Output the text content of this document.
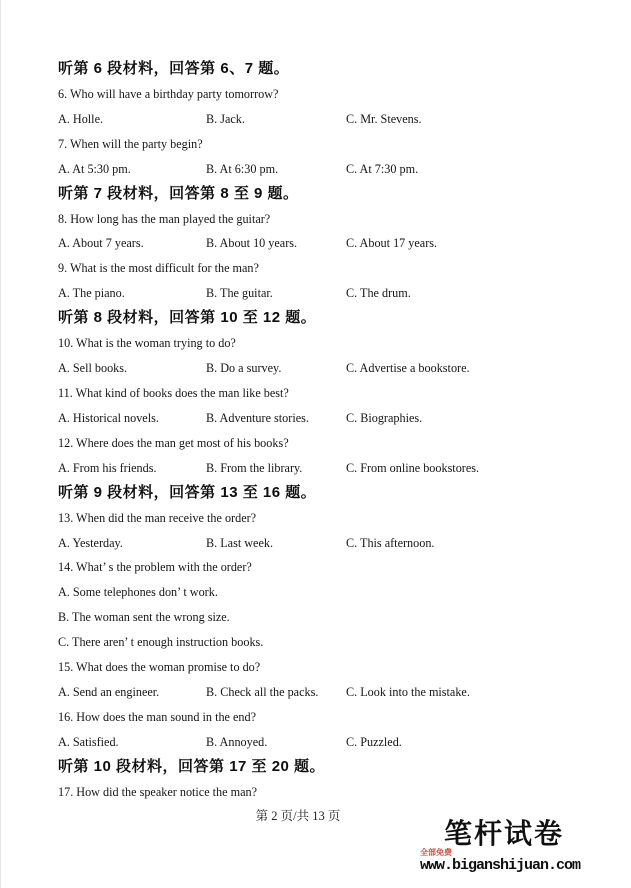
听第 6 段材料，回答第 6、7 题。
6. Who will have a birthday party tomorrow?
A. Holle.	B. Jack.	C. Mr. Stevens.
7. When will the party begin?
A. At 5:30 pm.	B. At 6:30 pm.	C. At 7:30 pm.
听第 7 段材料，回答第 8 至 9 题。
8. How long has the man played the guitar?
A. About 7 years.	B. About 10 years.	C. About 17 years.
9. What is the most difficult for the man?
A. The piano.	B. The guitar.	C. The drum.
听第 8 段材料，回答第 10 至 12 题。
10. What is the woman trying to do?
A. Sell books.	B. Do a survey.	C. Advertise a bookstore.
11. What kind of books does the man like best?
A. Historical novels.	B. Adventure stories.	C. Biographies.
12. Where does the man get most of his books?
A. From his friends.	B. From the library.	C. From online bookstores.
听第 9 段材料，回答第 13 至 16 题。
13. When did the man receive the order?
A. Yesterday.	B. Last week.	C. This afternoon.
14. What’ s the problem with the order?
A. Some telephones don’ t work.
B. The woman sent the wrong size.
C. There aren’ t enough instruction books.
15. What does the woman promise to do?
A. Send an engineer.	B. Check all the packs.	C. Look into the mistake.
16. How does the man sound in the end?
A. Satisfied.	B. Annoyed.	C. Puzzled.
听第 10 段材料，回答第 17 至 20 题。
17. How did the speaker notice the man?
第 2 页/共 13 页
笔杆试卷
全部免费
www.biganshijuan.com
